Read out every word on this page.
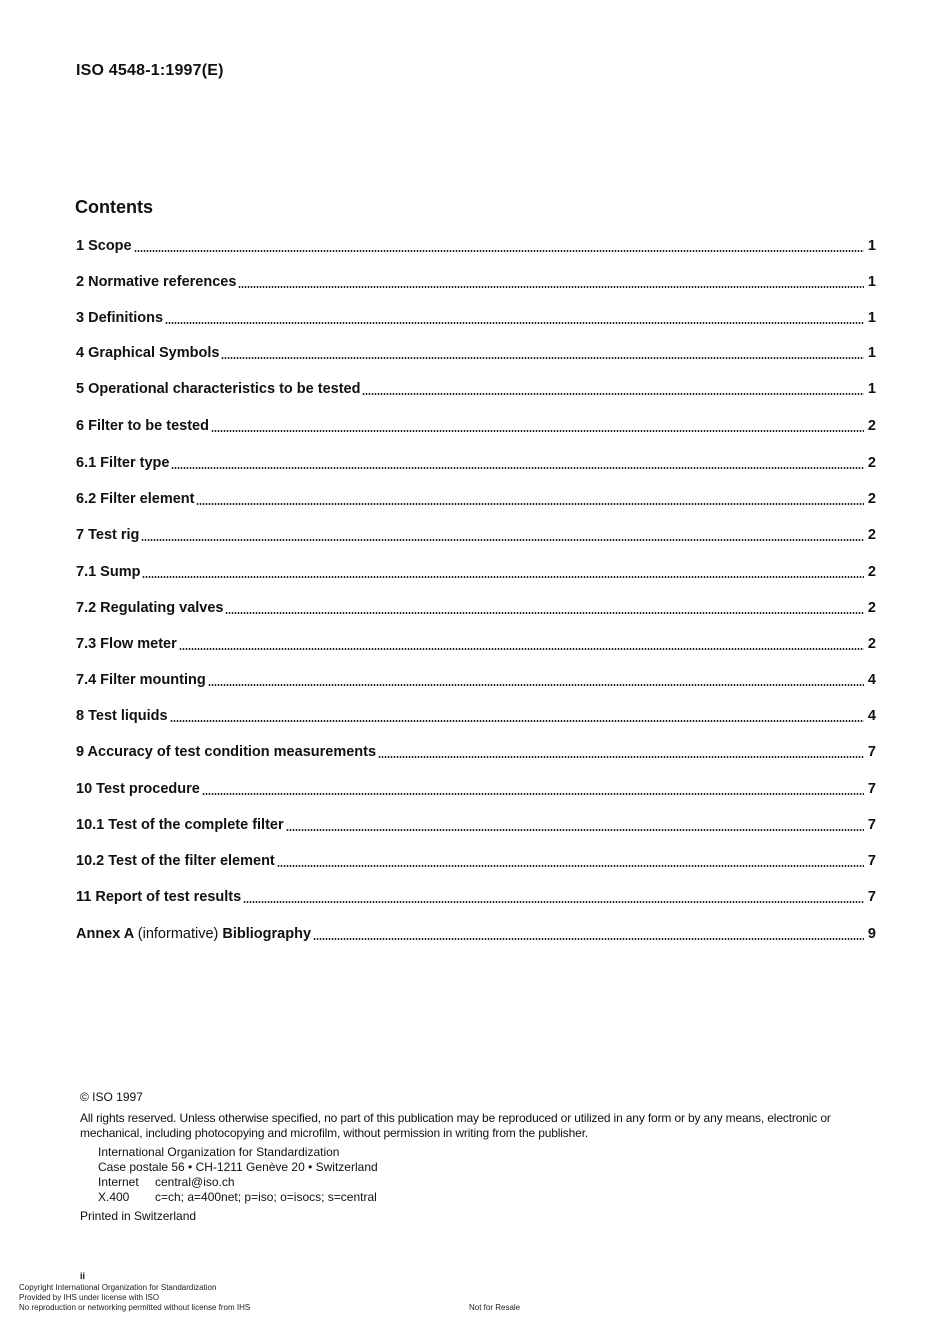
ISO 4548-1:1997(E)
Contents
1 Scope	1
2 Normative references	1
3 Definitions	1
4 Graphical Symbols	1
5 Operational characteristics to be tested	1
6 Filter to be tested	2
6.1 Filter type	2
6.2 Filter element	2
7 Test rig	2
7.1 Sump	2
7.2 Regulating valves	2
7.3 Flow meter	2
7.4 Filter mounting	4
8 Test liquids	4
9 Accuracy of test condition measurements	7
10 Test procedure	7
10.1 Test of the complete filter	7
10.2 Test of the filter element	7
11 Report of test results	7
Annex A (informative) Bibliography	9
© ISO 1997
All rights reserved. Unless otherwise specified, no part of this publication may be reproduced or utilized in any form or by any means, electronic or mechanical, including photocopying and microfilm, without permission in writing from the publisher.
International Organization for Standardization
Case postale 56 • CH-1211 Genève 20 • Switzerland
Internet central@iso.ch
X.400 c=ch; a=400net; p=iso; o=isocs; s=central
Printed in Switzerland
ii
Copyright International Organization for Standardization
Provided by IHS under license with ISO
No reproduction or networking permitted without license from IHS	Not for Resale
